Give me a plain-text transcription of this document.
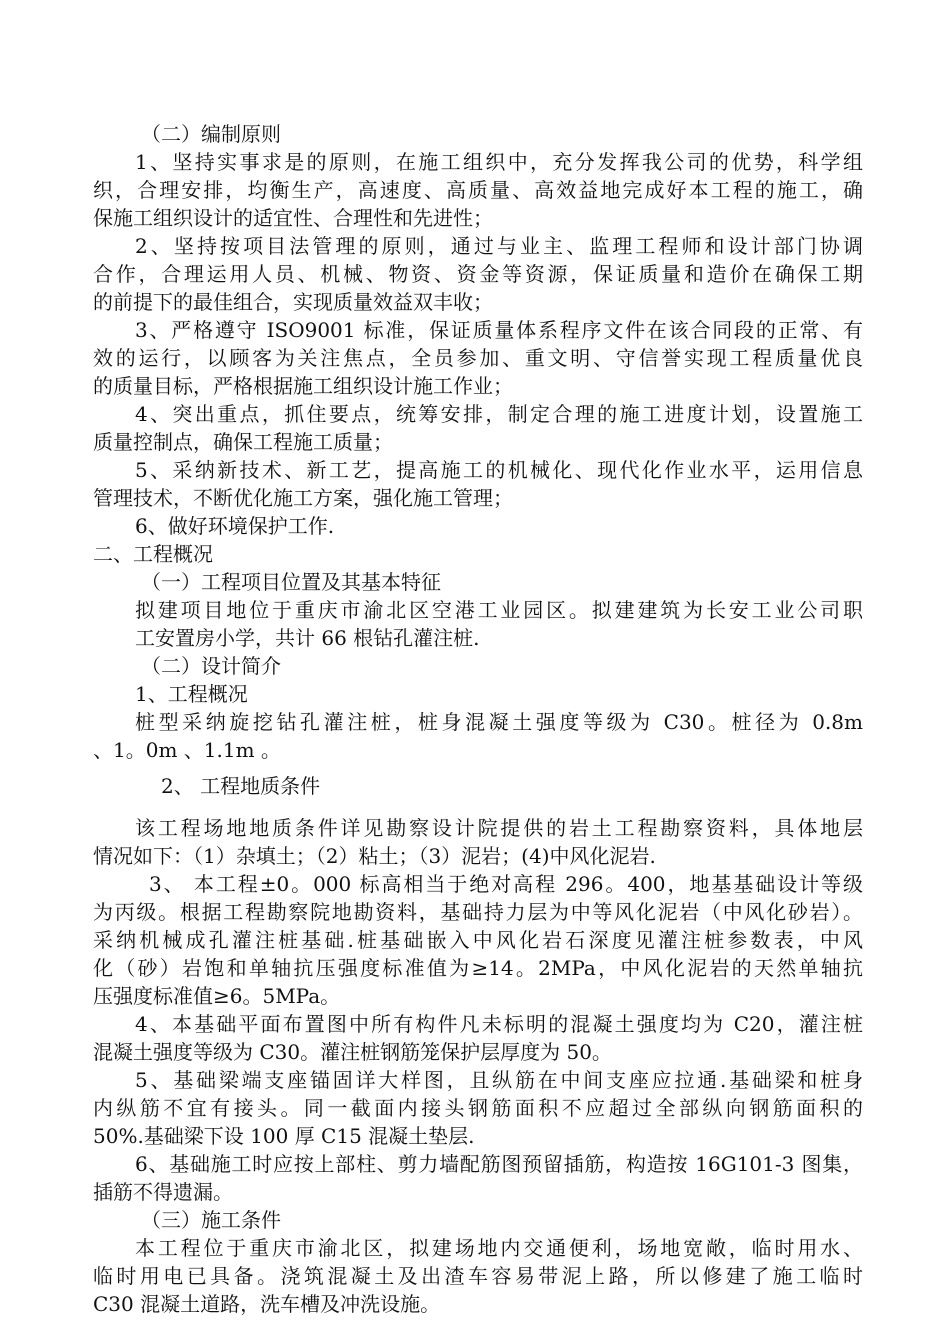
（二）编制原则
1、坚持实事求是的原则，在施工组织中，充分发挥我公司的优势，科学组
织，合理安排，均衡生产，高速度、高质量、高效益地完成好本工程的施工，确
保施工组织设计的适宜性、合理性和先进性；
2、坚持按项目法管理的原则，通过与业主、监理工程师和设计部门协调
合作，合理运用人员、机械、物资、资金等资源，保证质量和造价在确保工期
的前提下的最佳组合，实现质量效益双丰收；
3、严格遵守 ISO9001 标准，保证质量体系程序文件在该合同段的正常、有
效的运行，以顾客为关注焦点，全员参加、重文明、守信誉实现工程质量优良
的质量目标，严格根据施工组织设计施工作业；
4、突出重点，抓住要点，统筹安排，制定合理的施工进度计划，设置施工
质量控制点，确保工程施工质量；
5、采纳新技术、新工艺，提高施工的机械化、现代化作业水平，运用信息
管理技术，不断优化施工方案，强化施工管理；
6、做好环境保护工作.
二、工程概况
（一）工程项目位置及其基本特征
拟建项目地位于重庆市渝北区空港工业园区。拟建建筑为长安工业公司职
工安置房小学，共计 66 根钻孔灌注桩.
（二）设计简介
1、工程概况
桩型采纳旋挖钻孔灌注桩，桩身混凝土强度等级为 C30。桩径为 0.8m
、1。0m 、1.1m 。
2、 工程地质条件
该工程场地地质条件详见勘察设计院提供的岩土工程勘察资料，具体地层
情况如下：（1）杂填土；（2）粘土；（3）泥岩；(4)中风化泥岩.
3、 本工程±0。000 标高相当于绝对高程 296。400，地基基础设计等级
为丙级。根据工程勘察院地勘资料，基础持力层为中等风化泥岩（中风化砂岩）。
采纳机械成孔灌注桩基础.桩基础嵌入中风化岩石深度见灌注桩参数表，中风
化（砂）岩饱和单轴抗压强度标准值为≥14。2MPa，中风化泥岩的天然单轴抗
压强度标准值≥6。5MPa。
4、本基础平面布置图中所有构件凡未标明的混凝土强度均为 C20，灌注桩
混凝土强度等级为 C30。灌注桩钢筋笼保护层厚度为 50。
5、基础梁端支座锚固详大样图，且纵筋在中间支座应拉通.基础梁和桩身
内纵筋不宜有接头。同一截面内接头钢筋面积不应超过全部纵向钢筋面积的
50%.基础梁下设 100 厚 C15 混凝土垫层.
6、基础施工时应按上部柱、剪力墙配筋图预留插筋，构造按 16G101-3 图集，
插筋不得遗漏。
（三）施工条件
本工程位于重庆市渝北区，拟建场地内交通便利，场地宽敞，临时用水、
临时用电已具备。浇筑混凝土及出渣车容易带泥上路，所以修建了施工临时
C30 混凝土道路，洗车槽及冲洗设施。
